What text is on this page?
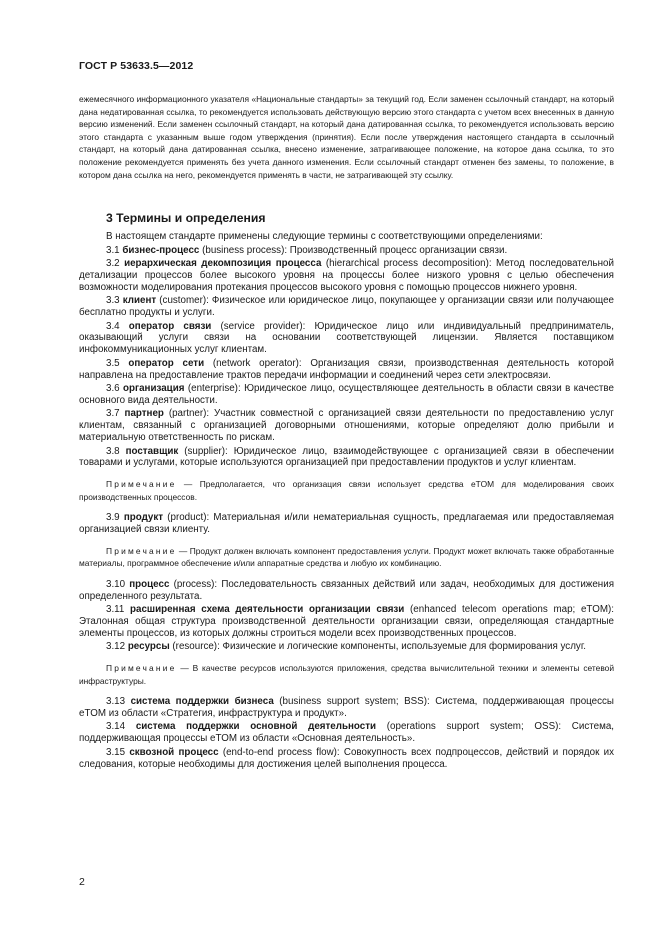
ГОСТ Р 53633.5—2012
ежемесячного информационного указателя «Национальные стандарты» за текущий год. Если заменен ссылочный стандарт, на который дана недатированная ссылка, то рекомендуется использовать действующую версию этого стандарта с учетом всех внесенных в данную версию изменений. Если заменен ссылочный стандарт, на который дана датированная ссылка, то рекомендуется использовать версию этого стандарта с указанным выше годом утверждения (принятия). Если после утверждения настоящего стандарта в ссылочный стандарт, на который дана датированная ссылка, внесено изменение, затрагивающее положение, на которое дана ссылка, то это положение рекомендуется применять без учета данного изменения. Если ссылочный стандарт отменен без замены, то положение, в котором дана ссылка на него, рекомендуется применять в части, не затрагивающей эту ссылку.
3 Термины и определения

В настоящем стандарте применены следующие термины с соответствующими определениями:

3.1 бизнес-процесс (business process): Производственный процесс организации связи.

3.2 иерархическая декомпозиция процесса (hierarchical process decomposition): Метод последовательной детализации процессов более высокого уровня на процессы более низкого уровня с целью обеспечения возможности моделирования протекания процессов высокого уровня с помощью процессов нижнего уровня.

3.3 клиент (customer): Физическое или юридическое лицо, покупающее у организации связи или получающее бесплатно продукты и услуги.

3.4 оператор связи (service provider): Юридическое лицо или индивидуальный предприниматель, оказывающий услуги связи на основании соответствующей лицензии. Является поставщиком инфокоммуникационных услуг клиентам.

3.5 оператор сети (network operator): Организация связи, производственная деятельность которой направлена на предоставление трактов передачи информации и соединений через сети электросвязи.

3.6 организация (enterprise): Юридическое лицо, осуществляющее деятельность в области связи в качестве основного вида деятельности.

3.7 партнер (partner): Участник совместной с организацией связи деятельности по предоставлению услуг клиентам, связанный с организацией договорными отношениями, которые определяют долю прибыли и материальную ответственность по рискам.

3.8 поставщик (supplier): Юридическое лицо, взаимодействующее с организацией связи в обеспечении товарами и услугами, которые используются организацией при предоставлении продуктов и услуг клиентам.

Примечание — Предполагается, что организация связи использует средства eTOM для моделирования своих производственных процессов.

3.9 продукт (product): Материальная и/или нематериальная сущность, предлагаемая или предоставляемая организацией связи клиенту.

Примечание — Продукт должен включать компонент предоставления услуги. Продукт может включать также обработанные материалы, программное обеспечение и/или аппаратные средства и любую их комбинацию.

3.10 процесс (process): Последовательность связанных действий или задач, необходимых для достижения определенного результата.

3.11 расширенная схема деятельности организации связи (enhanced telecom operations map; eTOM): Эталонная общая структура производственной деятельности организации связи, определяющая стандартные элементы процессов, из которых должны строиться модели всех производственных процессов.

3.12 ресурсы (resource): Физические и логические компоненты, используемые для формирования услуг.

Примечание — В качестве ресурсов используются приложения, средства вычислительной техники и элементы сетевой инфраструктуры.

3.13 система поддержки бизнеса (business support system; BSS): Система, поддерживающая процессы eTOM из области «Стратегия, инфраструктура и продукт».

3.14 система поддержки основной деятельности (operations support system; OSS): Система, поддерживающая процессы eTOM из области «Основная деятельность».

3.15 сквозной процесс (end-to-end process flow): Совокупность всех подпроцессов, действий и порядок их следования, которые необходимы для достижения целей выполнения процесса.

2
